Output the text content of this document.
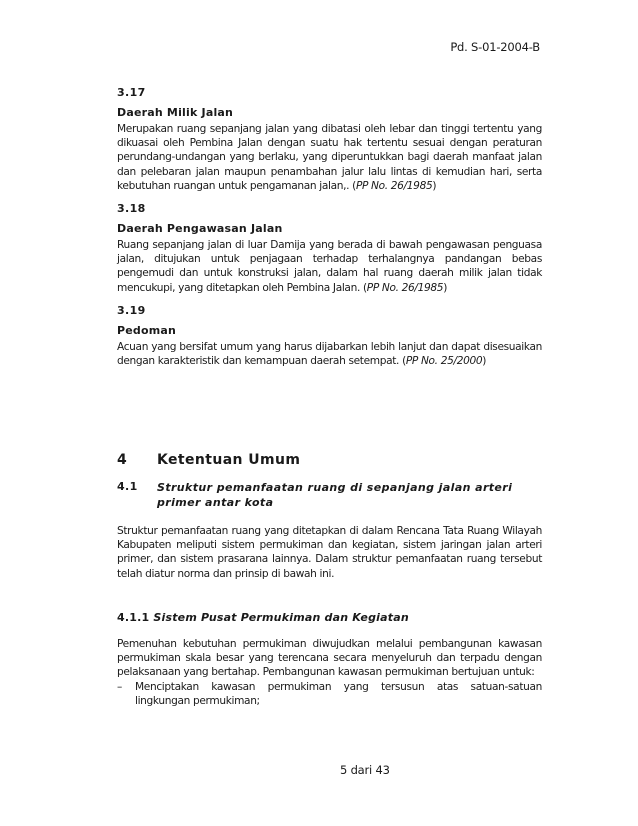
Pd. S-01-2004-B
3.17
Daerah Milik Jalan

Merupakan ruang sepanjang jalan yang dibatasi oleh lebar dan tinggi tertentu yang dikuasai oleh Pembina Jalan dengan suatu hak tertentu sesuai dengan peraturan perundang-undangan yang berlaku, yang diperuntukkan bagi daerah manfaat jalan dan pelebaran jalan maupun penambahan jalur lalu lintas di kemudian hari, serta kebutuhan ruangan untuk pengamanan jalan,. (PP No. 26/1985)

3.18
Daerah Pengawasan Jalan

Ruang sepanjang jalan di luar Damija yang berada di bawah pengawasan penguasa jalan, ditujukan untuk penjagaan terhadap terhalangnya pandangan bebas pengemudi dan untuk konstruksi jalan, dalam hal ruang daerah milik jalan tidak mencukupi, yang ditetapkan oleh Pembina Jalan. (PP No. 26/1985)

3.19
Pedoman

Acuan yang bersifat umum yang harus dijabarkan lebih lanjut dan dapat disesuaikan dengan karakteristik dan kemampuan daerah setempat. (PP No. 25/2000)

4 Ketentuan Umum
4.1	Struktur pemanfaatan ruang di sepanjang jalan arteri primer antar kota

Struktur pemanfaatan ruang yang ditetapkan di dalam Rencana Tata Ruang Wilayah Kabupaten meliputi sistem permukiman dan kegiatan, sistem jaringan jalan arteri primer, dan sistem prasarana lainnya. Dalam struktur pemanfaatan ruang tersebut telah diatur norma dan prinsip di bawah ini.

4.1.1 Sistem Pusat Permukiman dan Kegiatan

Pemenuhan kebutuhan permukiman diwujudkan melalui pembangunan kawasan permukiman skala besar yang terencana secara menyeluruh dan terpadu dengan pelaksanaan yang bertahap. Pembangunan kawasan permukiman bertujuan untuk:

–	Menciptakan kawasan permukiman yang tersusun atas satuan-satuan lingkungan permukiman;
5 dari 43
